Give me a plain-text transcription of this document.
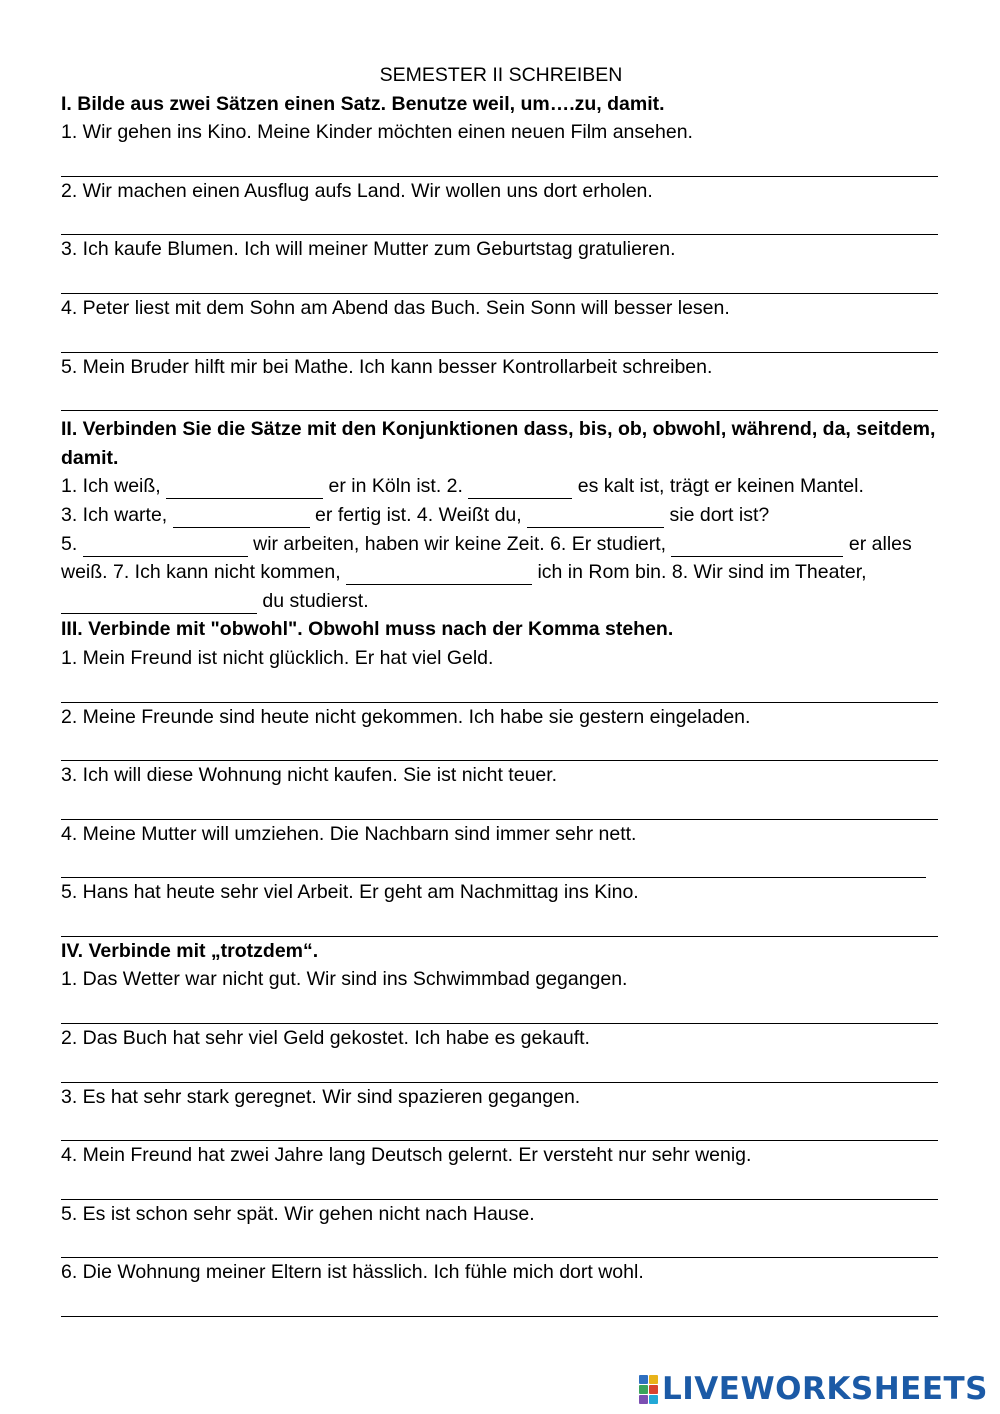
SEMESTER II SCHREIBEN
I. Bilde aus zwei Sätzen einen Satz. Benutze weil, um….zu, damit.
1. Wir gehen ins Kino. Meine Kinder möchten einen neuen Film ansehen.
2. Wir machen einen Ausflug aufs Land. Wir wollen uns dort erholen.
3. Ich kaufe Blumen. Ich will meiner Mutter zum Geburtstag gratulieren.
4. Peter liest mit dem Sohn am Abend das Buch. Sein Sonn will besser lesen.
5. Mein Bruder hilft mir bei Mathe. Ich kann besser Kontrollarbeit schreiben.
II. Verbinden Sie die Sätze mit den Konjunktionen dass, bis, ob, obwohl, während, da, seitdem, damit.

1. Ich weiß,	er in Köln ist. 2.	es kalt ist, trägt er keinen Mantel.
3. Ich warte,	er fertig ist. 4. Weißt du,	sie dort ist?
5.	wir arbeiten, haben wir keine Zeit. 6. Er studiert,	er alles weiß. 7. Ich kann nicht kommen,	ich in Rom bin. 8. Wir sind im Theater,  du studierst.

III. Verbinde mit "obwohl". Obwohl muss nach der Komma stehen.
1. Mein Freund ist nicht glücklich. Er hat viel Geld.
2. Meine Freunde sind heute nicht gekommen. Ich habe sie gestern eingeladen.
3. Ich will diese Wohnung nicht kaufen. Sie ist nicht teuer.
4. Meine Mutter will umziehen. Die Nachbarn sind immer sehr nett.
5. Hans hat heute sehr viel Arbeit. Er geht am Nachmittag ins Kino.
IV. Verbinde mit „trotzdem“.
1. Das Wetter war nicht gut. Wir sind ins Schwimmbad gegangen.
2. Das Buch hat sehr viel Geld gekostet. Ich habe es gekauft.
3. Es hat sehr stark geregnet. Wir sind spazieren gegangen.
4. Mein Freund hat zwei Jahre lang Deutsch gelernt. Er versteht nur sehr wenig.
5. Es ist schon sehr spät. Wir gehen nicht nach Hause.
6. Die Wohnung meiner Eltern ist hässlich. Ich fühle mich dort wohl.
LIVEWORKSHEETS
